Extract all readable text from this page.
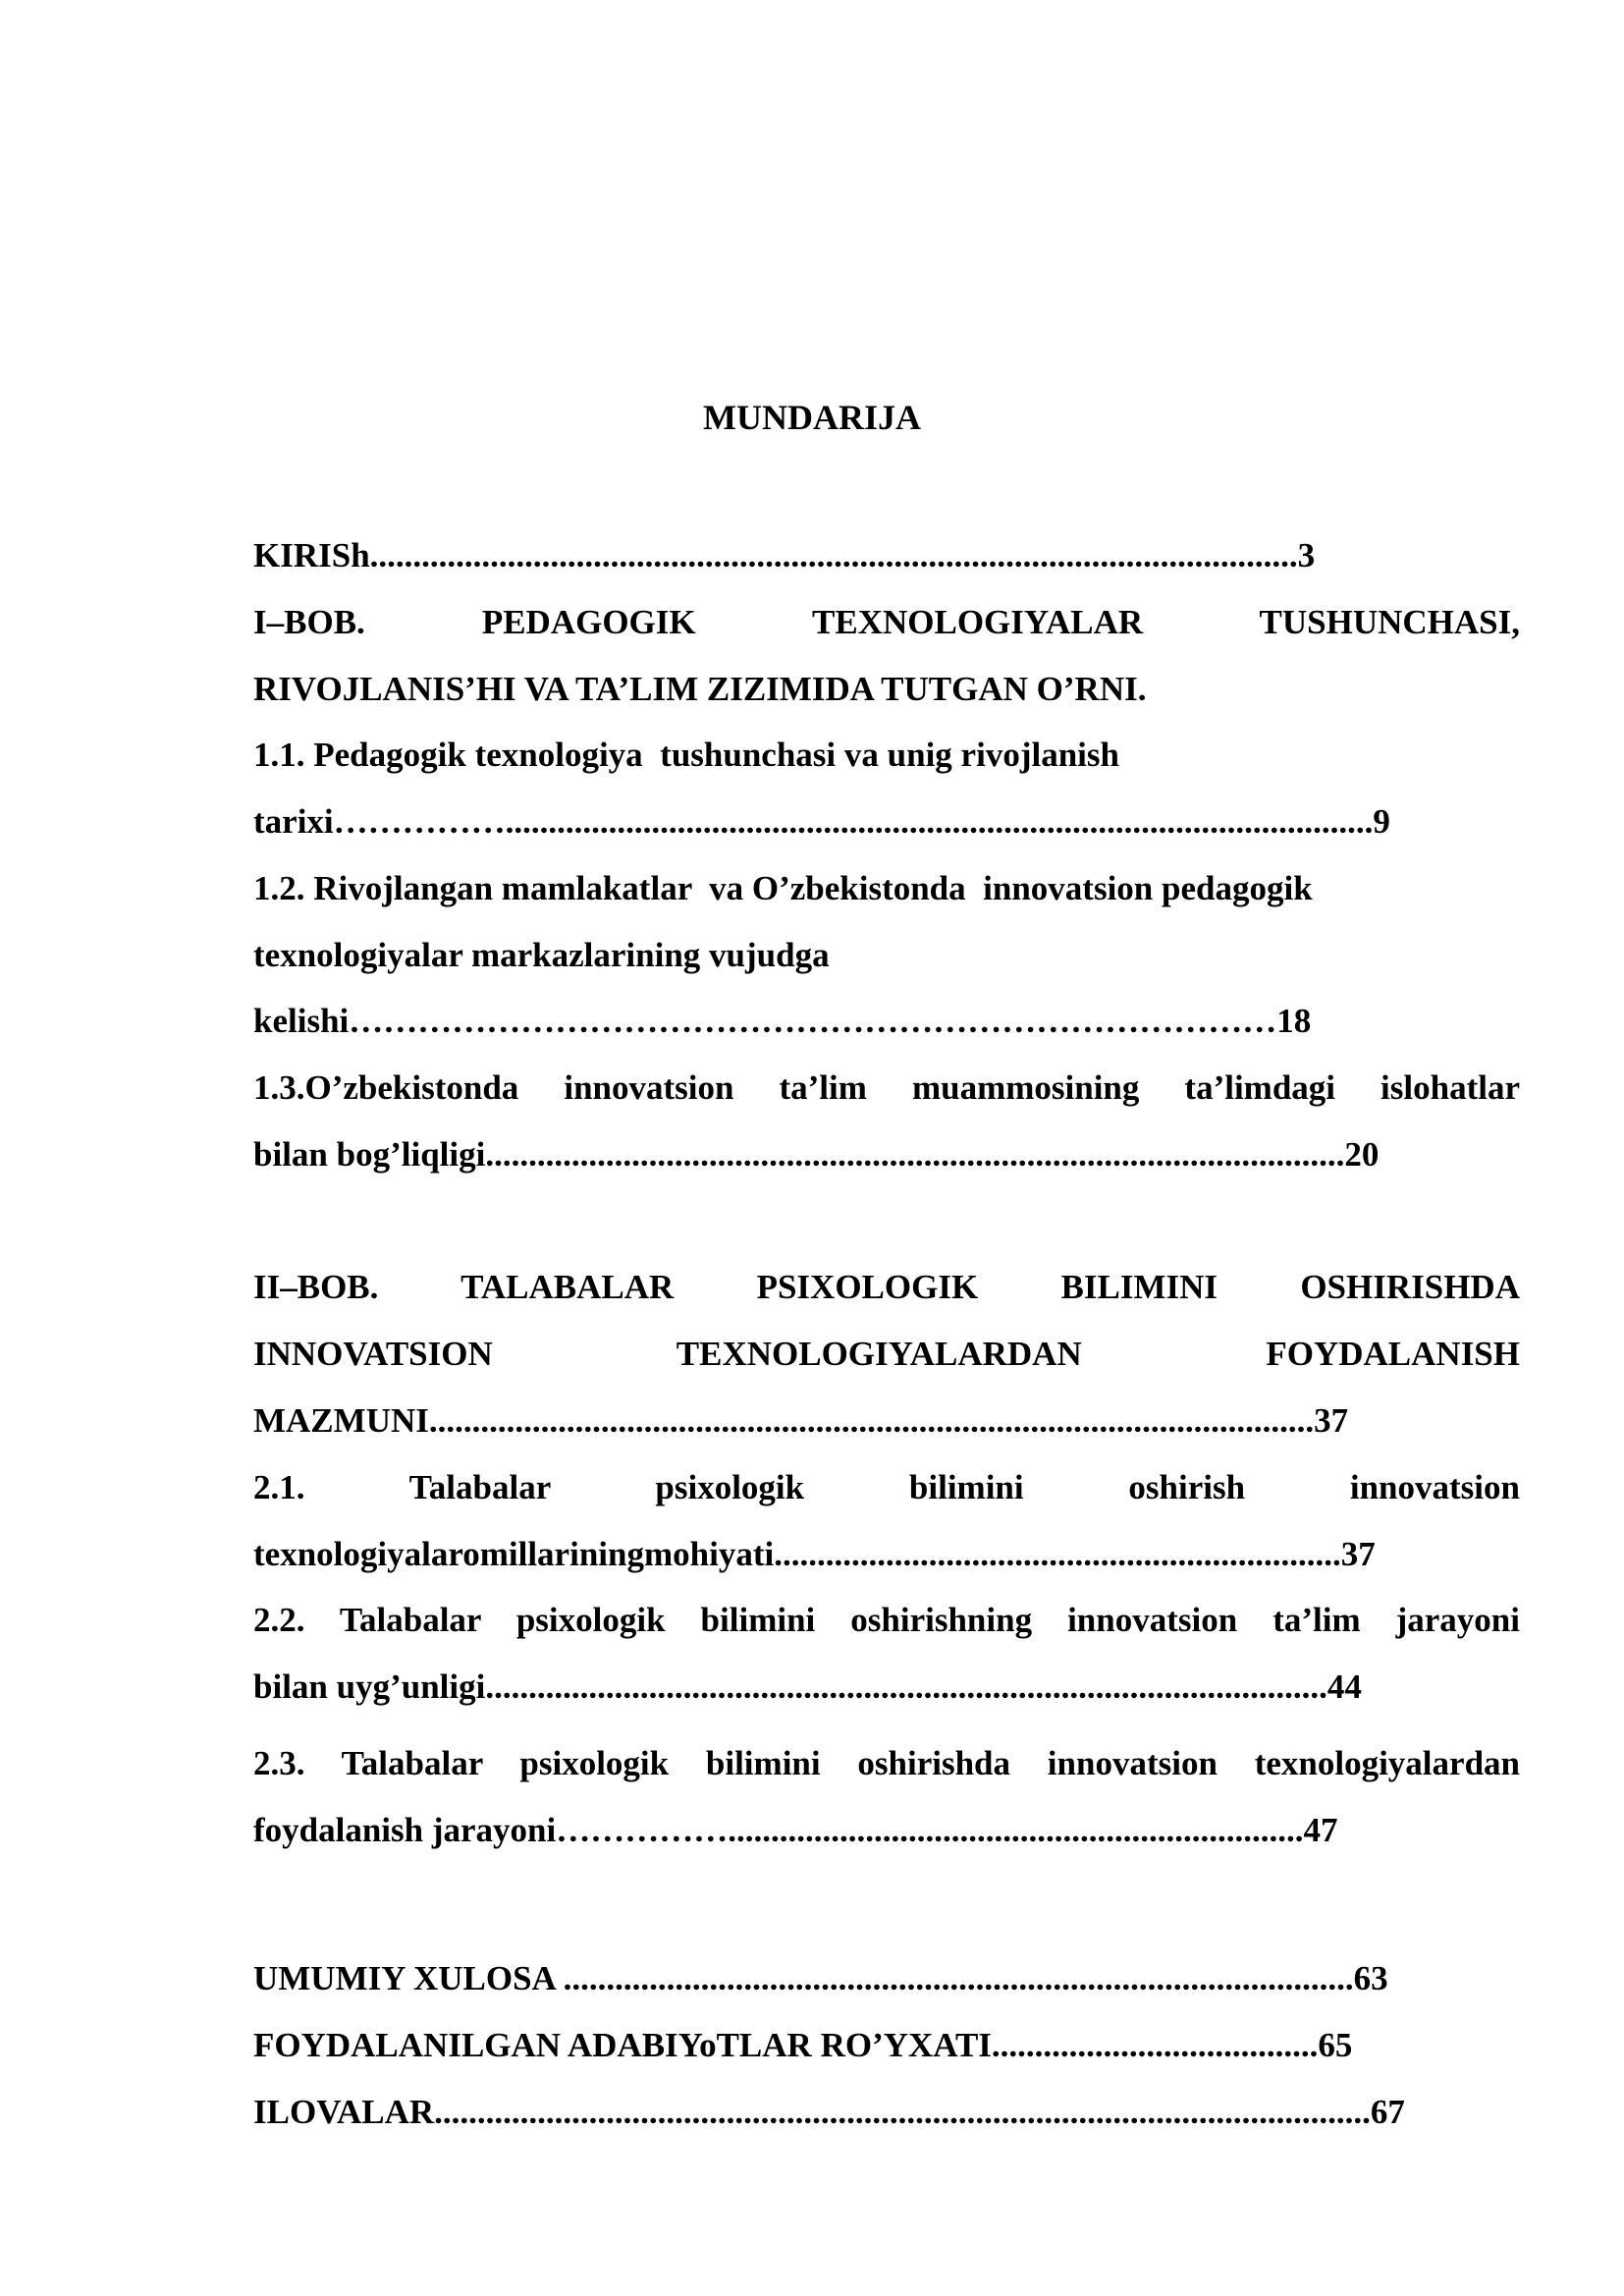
MUNDARIJA

KIRISh............................................................................................................3

I–BOB. PEDAGOGIK TEXNOLOGIYALAR TUSHUNCHASI,

RIVOJLANIS’HI VA TA’LIM ZIZIMIDA TUTGAN O’RNI.

1.1. Pedagogik texnologiya  tushunchasi va unig rivojlanish

tarixi…………….....................................................................................................9

1.2. Rivojlangan mamlakatlar  va O’zbekistonda  innovatsion pedagogik

texnologiyalar markazlarining vujudga

kelishi………………………………………………………………………18

1.3.O’zbekistonda innovatsion ta’lim muammosining ta’limdagi islohatlar

bilan bog’liqligi....................................................................................................20

II–BOB. TALABALAR PSIXOLOGIK BILIMINI OSHIRISHDA

INNOVATSION TEXNOLOGIYALARDAN FOYDALANISH

MAZMUNI.......................................................................................................37

2.1. Talabalar psixologik bilimini oshirish innovatsion

texnologiyalaromillariningmohiyati..................................................................37

2.2. Talabalar psixologik bilimini oshirishning innovatsion ta’lim jarayoni

bilan uyg’unligi..................................................................................................44

2.3. Talabalar psixologik bilimini oshirishda innovatsion texnologiyalardan

foydalanish jarayoni……………...................................................................47

UMUMIY XULOSA ............................................................................................63

FOYDALANILGAN ADABIYoTLAR RO’YXATI......................................65

ILOVALAR.............................................................................................................67
